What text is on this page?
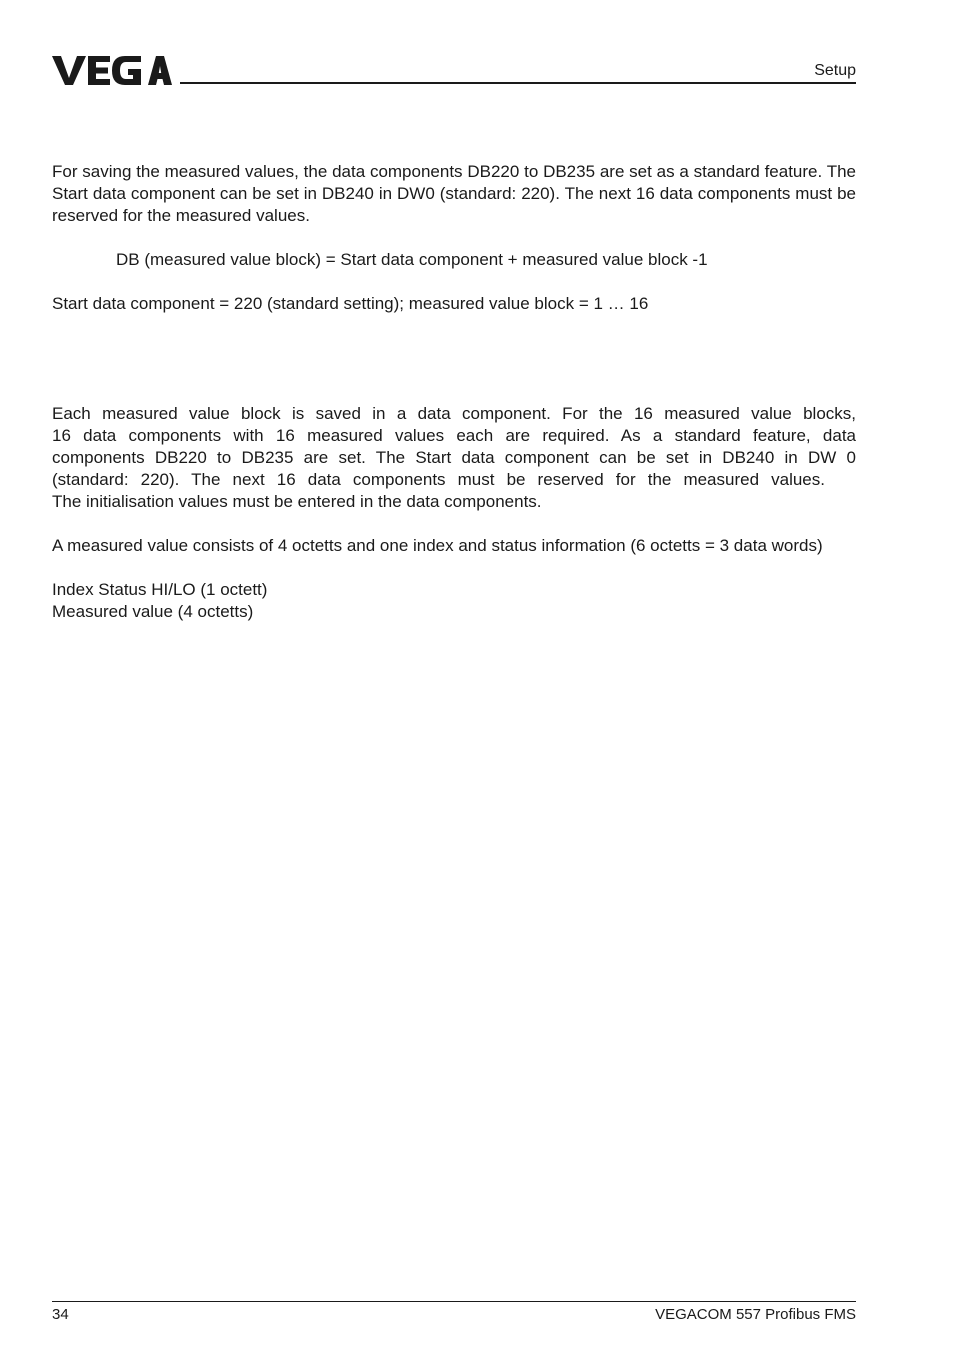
Setup

For saving the measured values, the data components DB220 to DB235 are set as a standard feature. The Start data component can be set in DB240 in DW0 (standard: 220). The next 16 data components must be reserved for the measured values.

DB (measured value block) = Start data component + measured value block -1

Start data component = 220 (standard setting); measured value block = 1 … 16

Each measured value block is saved in a data component. For the 16 measured value blocks,
16 data components with 16 measured values each are required. As a standard feature, data
components DB220 to DB235 are set. The Start data component can be set in DB240 in DW 0
(standard: 220). The next 16 data components must be reserved for the measured values.
The initialisation values must be entered in the data components.

A measured value consists of 4 octetts and one index and status information (6 octetts = 3 data words)

Index Status HI/LO (1 octett)

Measured value (4 octetts)

34	VEGACOM 557 Profibus FMS
